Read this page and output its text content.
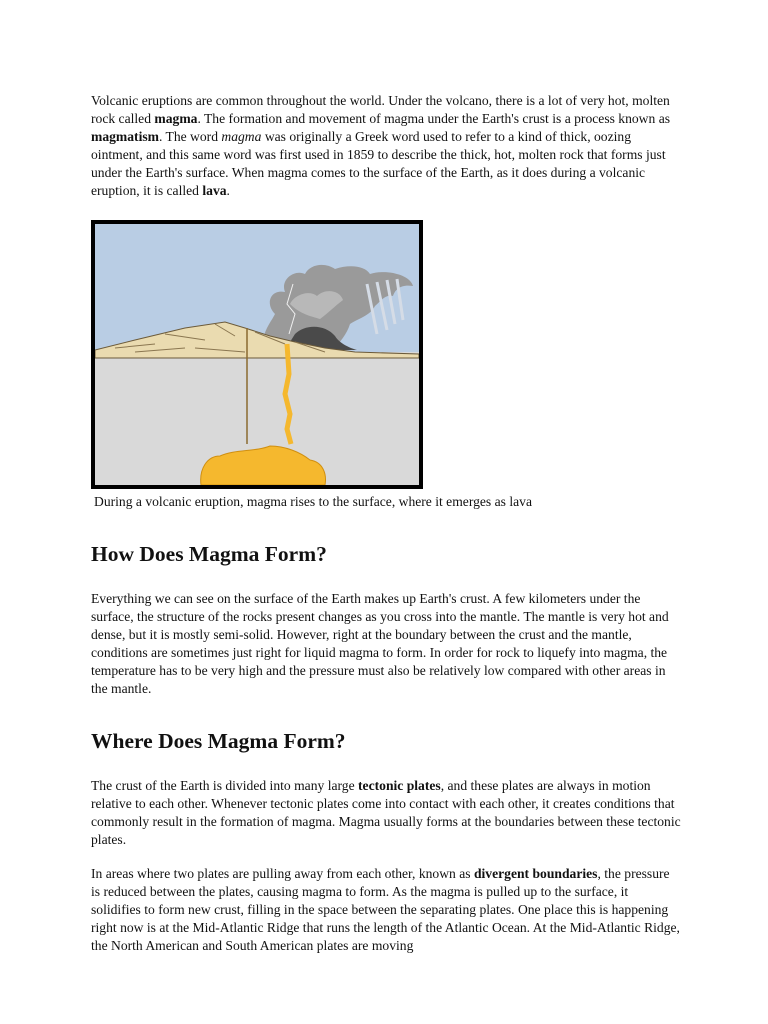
Volcanic eruptions are common throughout the world. Under the volcano, there is a lot of very hot, molten rock called magma. The formation and movement of magma under the Earth's crust is a process known as magmatism. The word magma was originally a Greek word used to refer to a kind of thick, oozing ointment, and this same word was first used in 1859 to describe the thick, hot, molten rock that forms just under the Earth's surface. When magma comes to the surface of the Earth, as it does during a volcanic eruption, it is called lava.

During a volcanic eruption, magma rises to the surface, where it emerges as lava
How Does Magma Form?

Everything we can see on the surface of the Earth makes up Earth's crust. A few kilometers under the surface, the structure of the rocks present changes as you cross into the mantle. The mantle is very hot and dense, but it is mostly semi-solid. However, right at the boundary between the crust and the mantle, conditions are sometimes just right for liquid magma to form. In order for rock to liquefy into magma, the temperature has to be very high and the pressure must also be relatively low compared with other areas in the mantle.

Where Does Magma Form?

The crust of the Earth is divided into many large tectonic plates, and these plates are always in motion relative to each other. Whenever tectonic plates come into contact with each other, it creates conditions that commonly result in the formation of magma. Magma usually forms at the boundaries between these tectonic plates.

In areas where two plates are pulling away from each other, known as divergent boundaries, the pressure is reduced between the plates, causing magma to form. As the magma is pulled up to the surface, it solidifies to form new crust, filling in the space between the separating plates. One place this is happening right now is at the Mid-Atlantic Ridge that runs the length of the Atlantic Ocean. At the Mid-Atlantic Ridge, the North American and South American plates are moving
